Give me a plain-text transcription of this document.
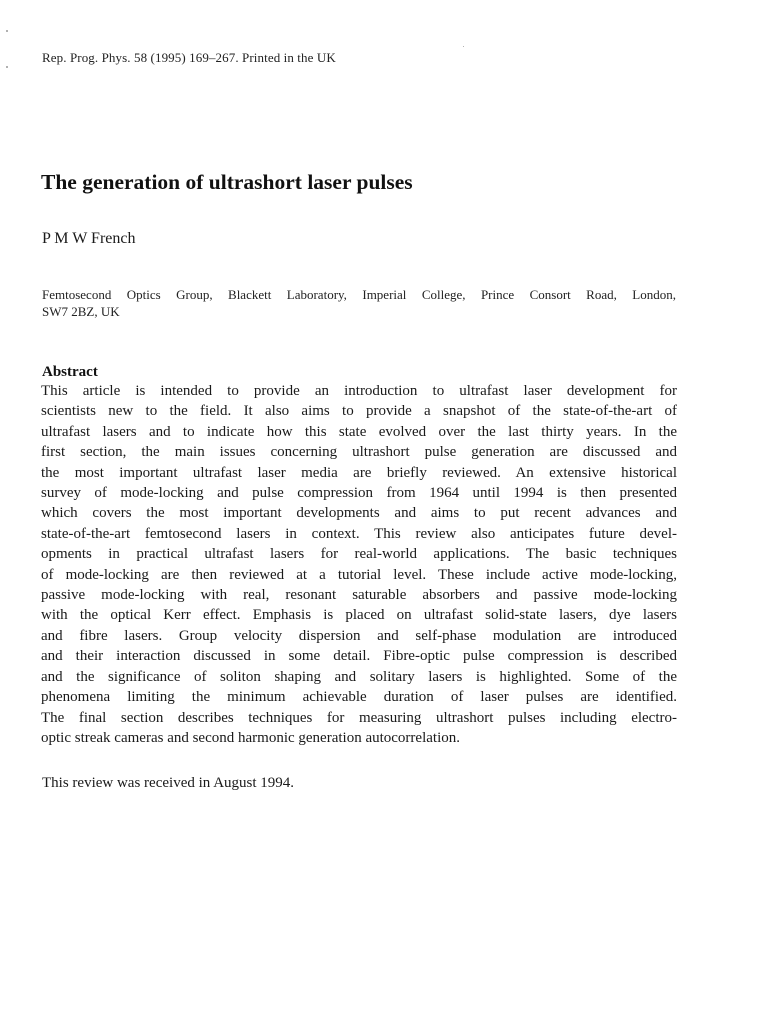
Rep. Prog. Phys. 58 (1995) 169–267. Printed in the UK
The generation of ultrashort laser pulses
P M W French
Femtosecond Optics Group, Blackett Laboratory, Imperial College, Prince Consort Road, London,
SW7 2BZ, UK
Abstract
This article is intended to provide an introduction to ultrafast laser development for
scientists new to the field. It also aims to provide a snapshot of the state-of-the-art of
ultrafast lasers and to indicate how this state evolved over the last thirty years. In the
first section, the main issues concerning ultrashort pulse generation are discussed and
the most important ultrafast laser media are briefly reviewed. An extensive historical
survey of mode-locking and pulse compression from 1964 until 1994 is then presented
which covers the most important developments and aims to put recent advances and
state-of-the-art femtosecond lasers in context. This review also anticipates future devel-
opments in practical ultrafast lasers for real-world applications. The basic techniques
of mode-locking are then reviewed at a tutorial level. These include active mode-locking,
passive mode-locking with real, resonant saturable absorbers and passive mode-locking
with the optical Kerr effect. Emphasis is placed on ultrafast solid-state lasers, dye lasers
and fibre lasers. Group velocity dispersion and self-phase modulation are introduced
and their interaction discussed in some detail. Fibre-optic pulse compression is described
and the significance of soliton shaping and solitary lasers is highlighted. Some of the
phenomena limiting the minimum achievable duration of laser pulses are identified.
The final section describes techniques for measuring ultrashort pulses including electro-
optic streak cameras and second harmonic generation autocorrelation.
This review was received in August 1994.
